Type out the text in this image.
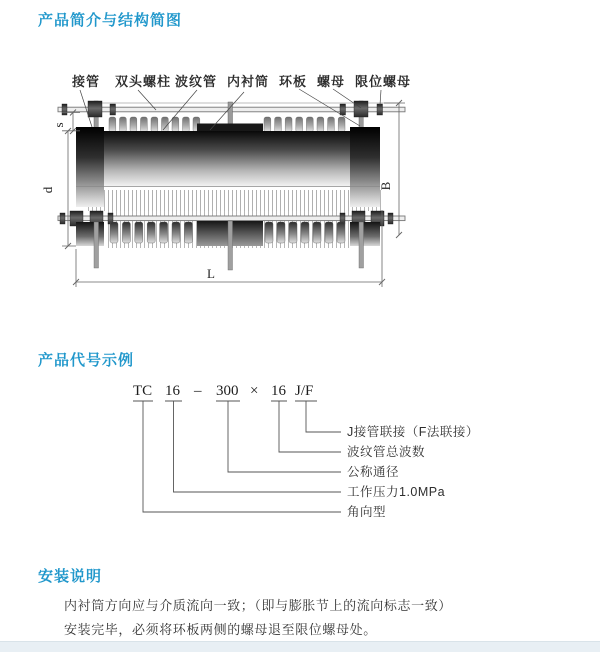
产品简介与结构简图
s
d	B
L
接管 双头螺柱 波纹管 内衬筒 环板 螺母 限位螺母
产品代号示例
TC 16 – 300 × 16 J/F
J接管联接（F法联接）
波纹管总波数
公称通径
工作压力1.0MPa
角向型
安装说明
内衬筒方向应与介质流向一致；（即与膨胀节上的流向标志一致）
安装完毕，必须将环板两侧的螺母退至限位螺母处。
